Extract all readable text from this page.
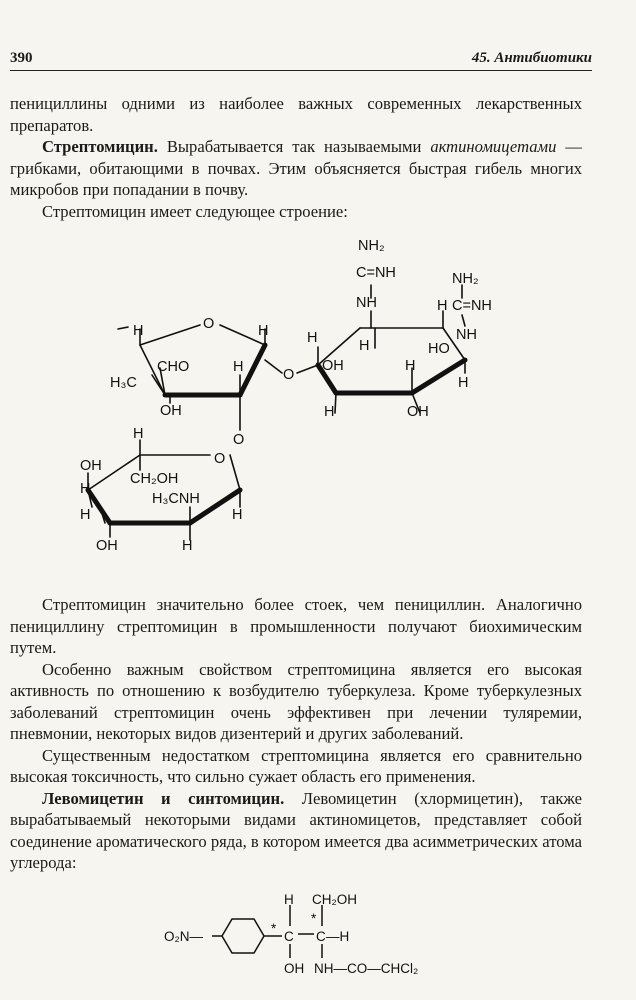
390	45. Антибиотики

пенициллины одними из наиболее важных современных лекарственных препаратов.

Стрептомицин. Вырабатывается так называемыми актиномицетами — грибками, обитающими в почвах. Этим объясняется быстрая гибель многих микробов при попадании в почву.

Стрептомицин имеет следующее строение:

NH₂
C=NH
NH
NH₂
H C=NH
NH
HO
H	H
OH
H
H
OH
H
O
H	O	H
CHO
H₃C
H
OH
O
H
OH
CH₂OH
O
H
H₃CNH
H	H
OH	H

Стрептомицин значительно более стоек, чем пенициллин. Аналогично пенициллину стрептомицин в промышленности получают биохимическим путем.

Особенно важным свойством стрептомицина является его высокая активность по отношению к возбудителю туберкулеза. Кроме туберкулезных заболеваний стрептомицин очень эффективен при лечении туляремии, пневмонии, некоторых видов дизентерий и других заболеваний.

Существенным недостатком стрептомицина является его сравнительно высокая токсичность, что сильно сужает область его применения.

Левомицетин и синтомицин. Левомицетин (хлормицетин), также вырабатываемый некоторыми видами актиномицетов, представляет собой соединение ароматического ряда, в котором имеется два асимметрических атома углерода:

O₂N—
*
C C —H
H
*
CH₂OH
OH NH—CO—CHCl₂
